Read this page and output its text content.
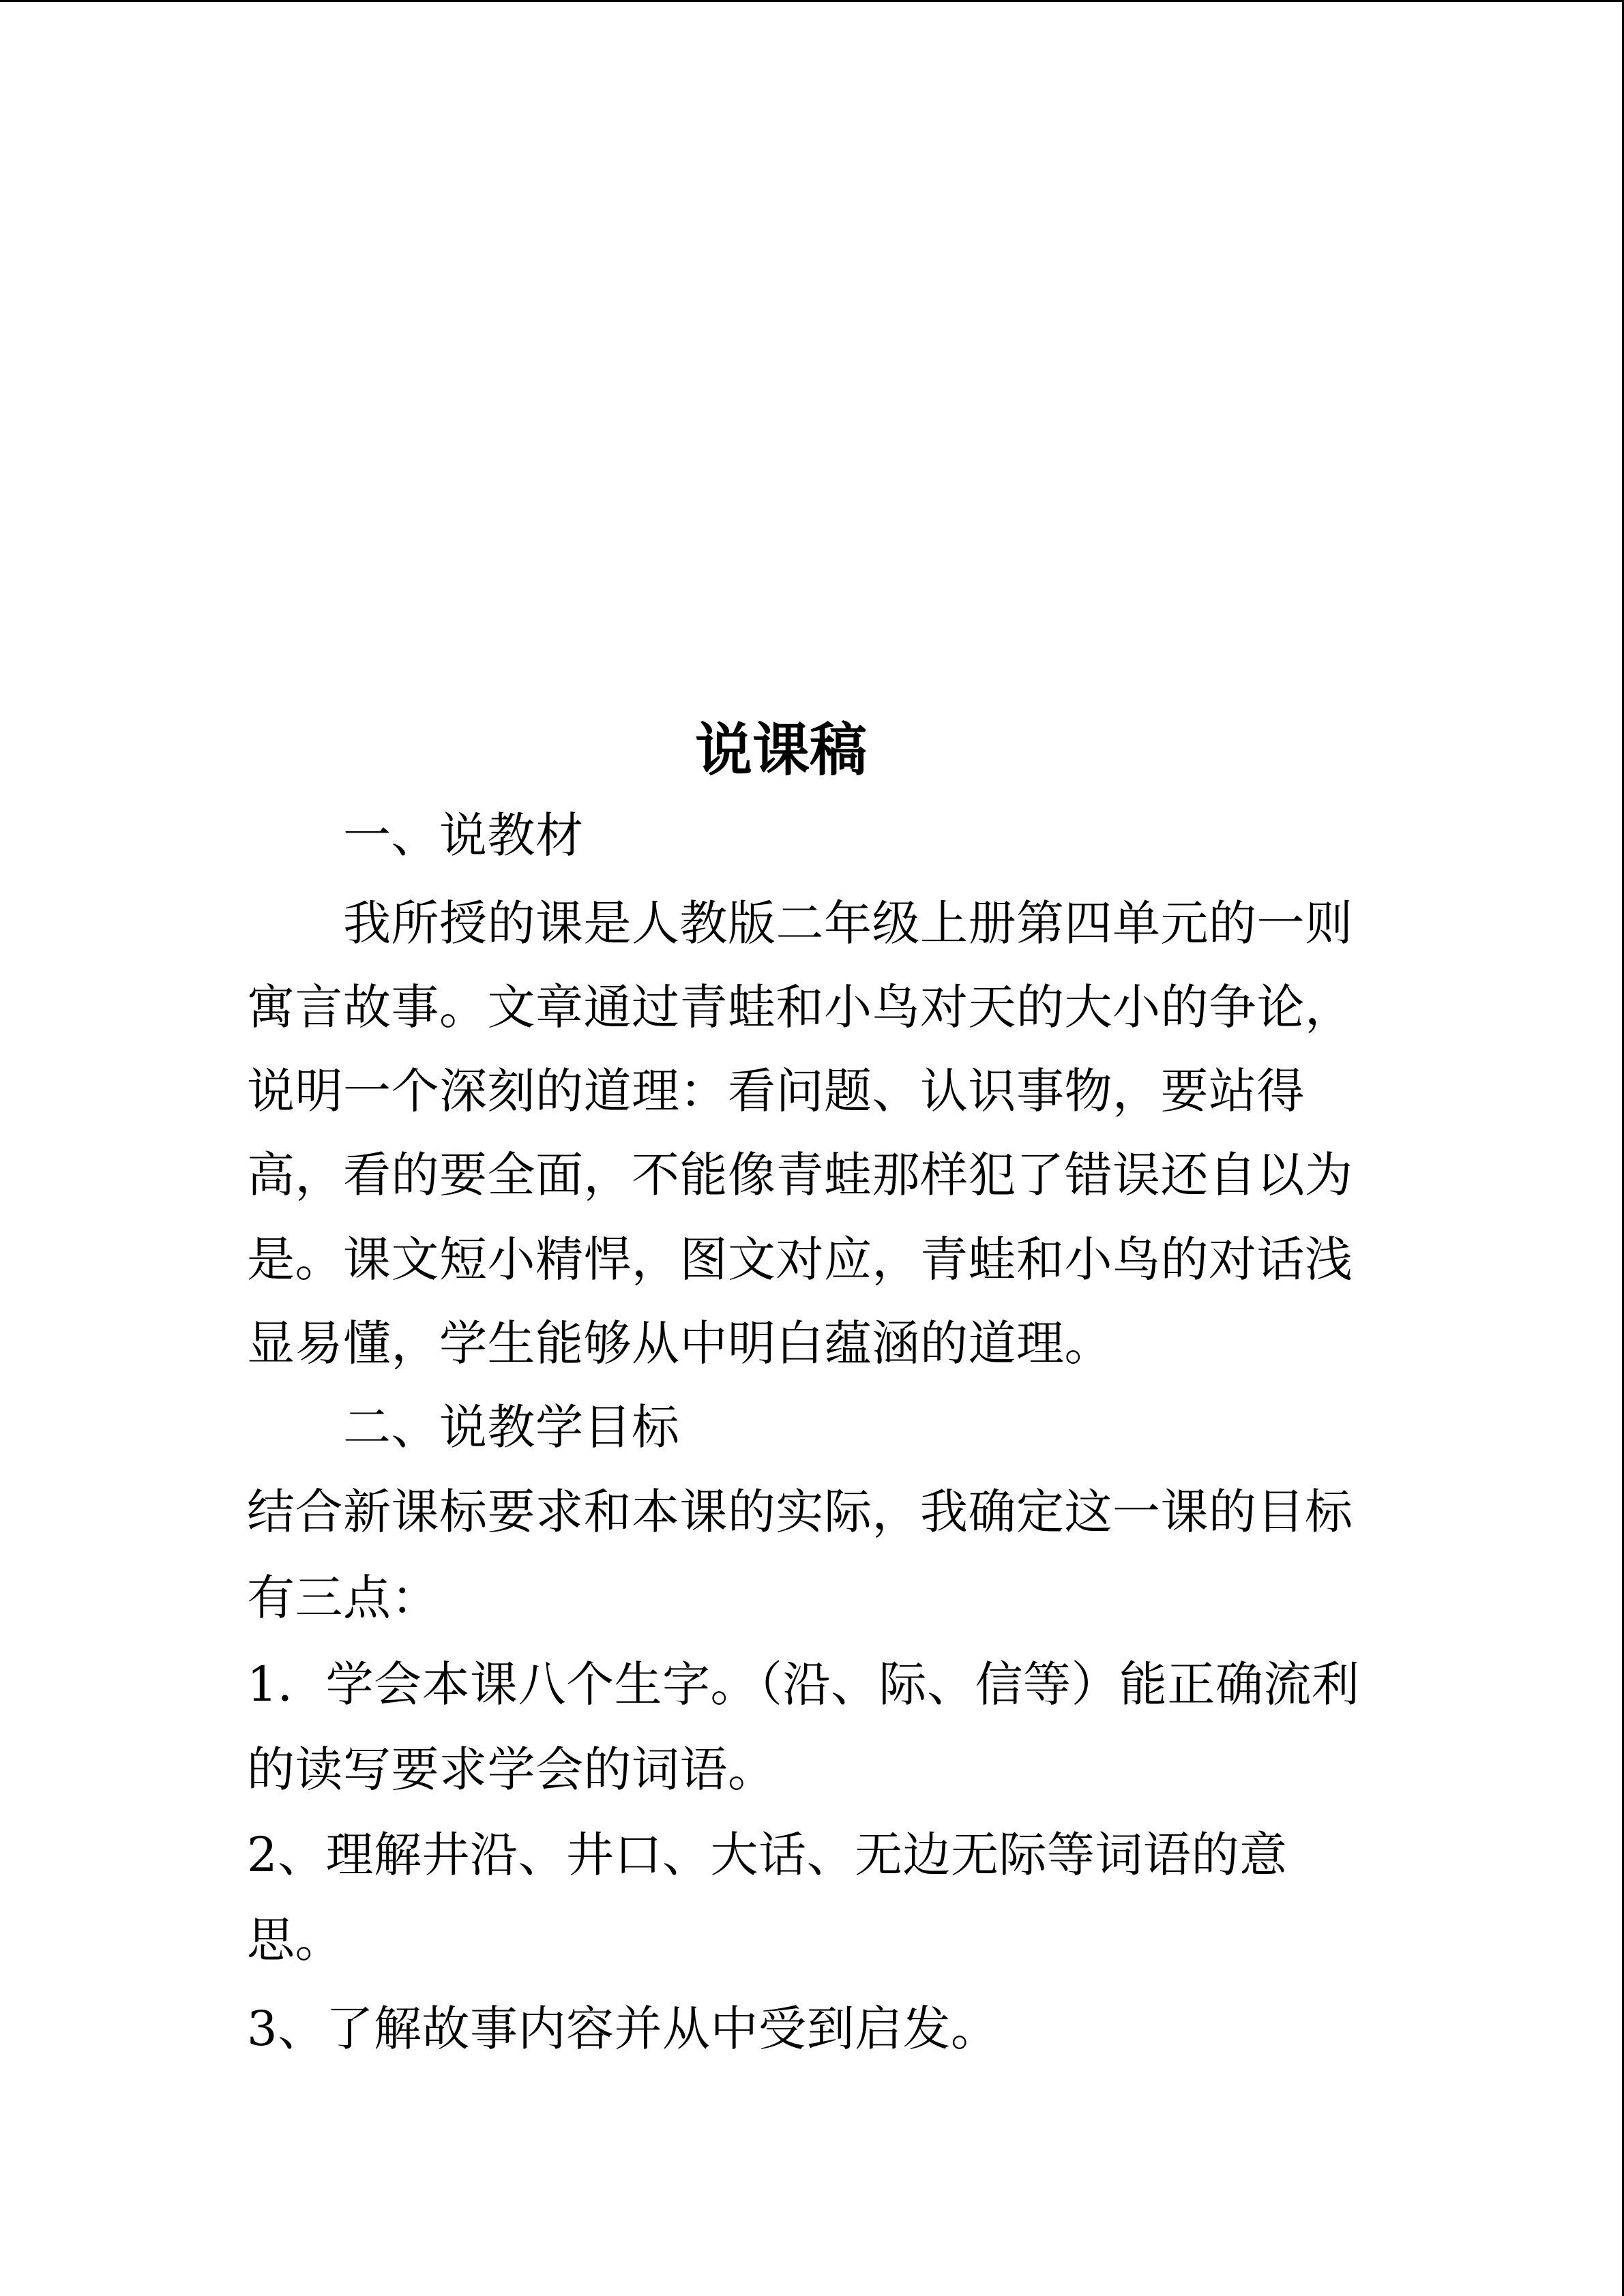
说课稿
一、说教材
我所授的课是人教版二年级上册第四单元的一则
寓言故事。文章通过青蛙和小鸟对天的大小的争论，
说明一个深刻的道理：看问题、认识事物，要站得
高，看的要全面，不能像青蛙那样犯了错误还自以为
是。课文短小精悍，图文对应，青蛙和小鸟的对话浅
显易懂，学生能够从中明白蕴涵的道理。
二、说教学目标
结合新课标要求和本课的实际，我确定这一课的目标
有三点：
1．学会本课八个生字。（沿、际、信等）能正确流利
的读写要求学会的词语。
2、理解井沿、井口、大话、无边无际等词语的意
思。
3、了解故事内容并从中受到启发。
